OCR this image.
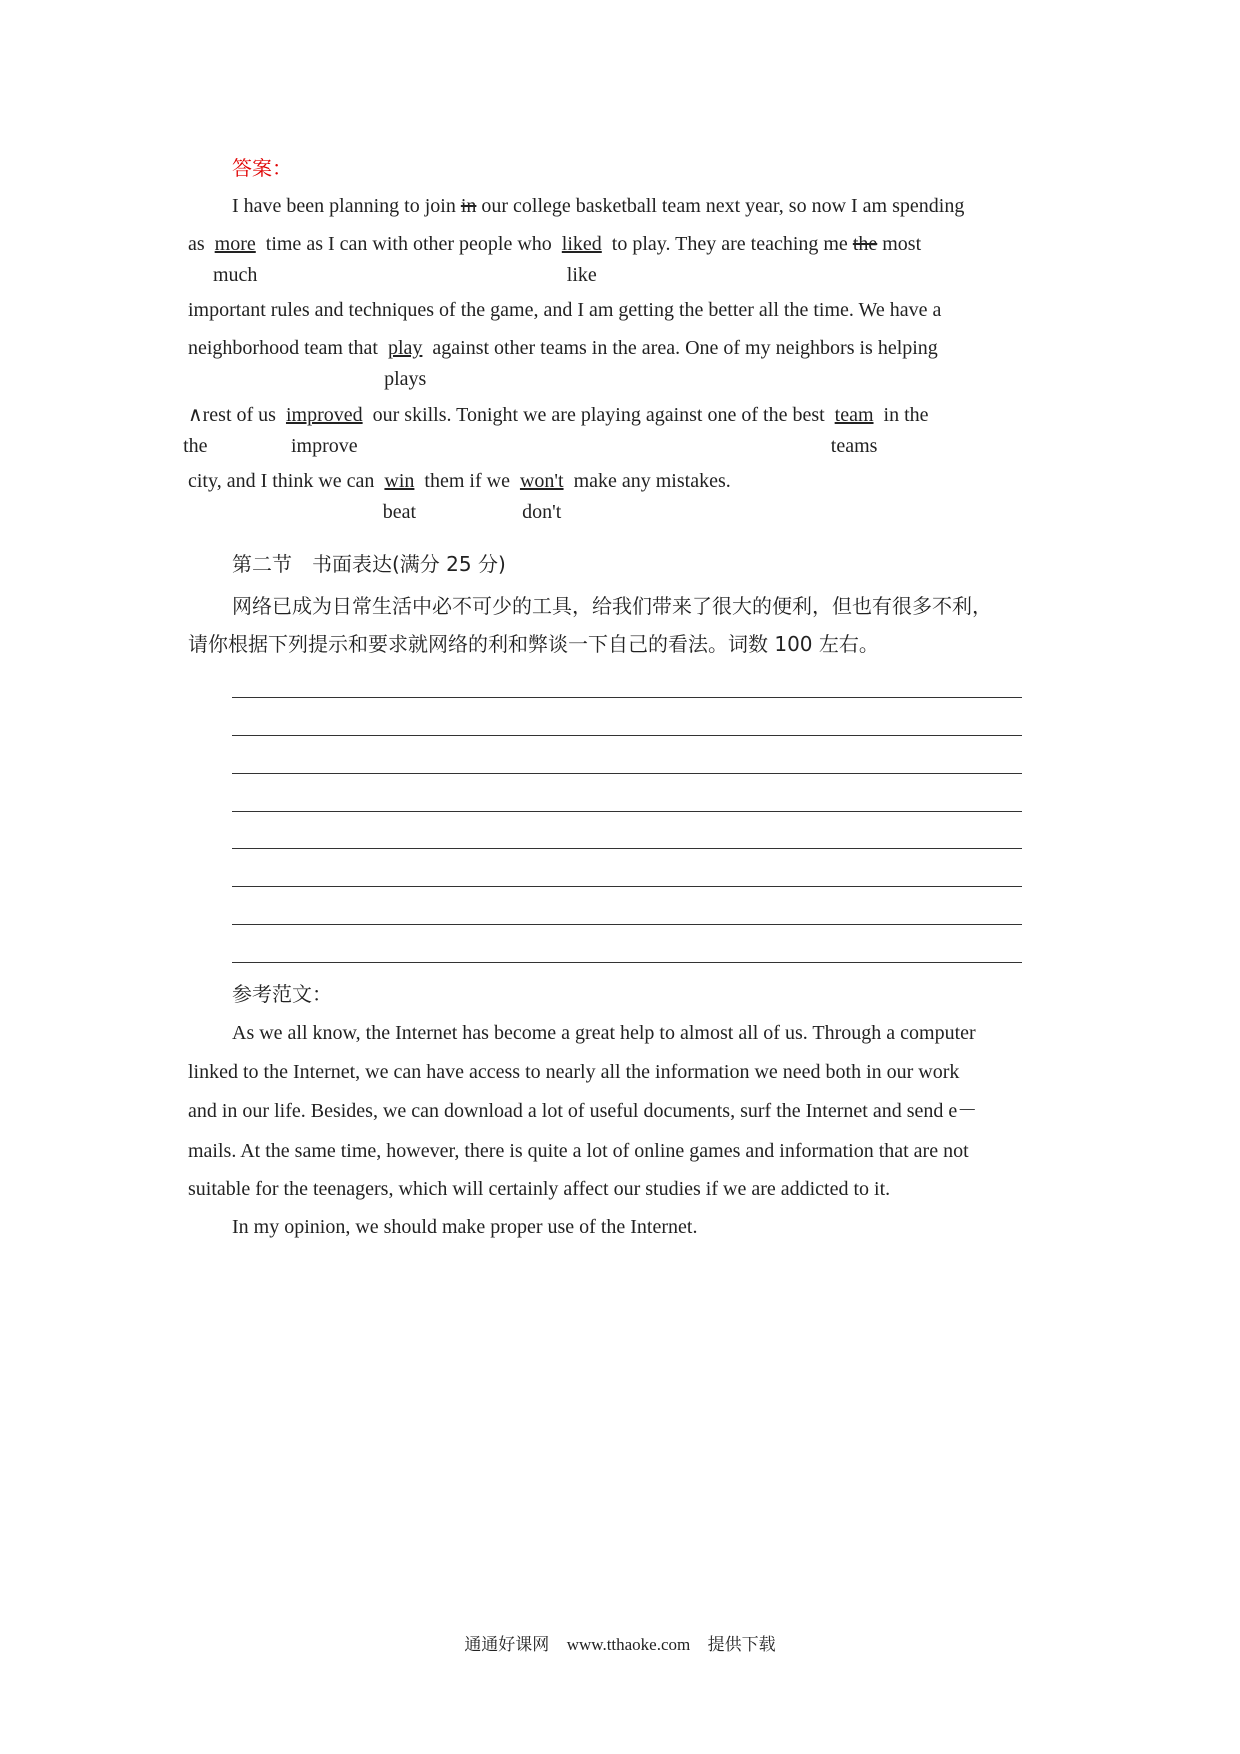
答案：
I have been planning to join in our college basketball team next year, so now I am spending
as more
much
time as I can with other people who liked
like
to play. They are teaching me the most
important rules and techniques of the game, and I am getting the better all the time. We have a
neighborhood team that play
plays
against other teams in the area. One of my neighbors is helping
∧
the
rest of us improved
improve
our skills. Tonight we are playing against one of the best team
teams
in the
city, and I think we can win
beat
them if we won't
don't
make any mistakes.
第二节　书面表达(满分 25 分)
网络已成为日常生活中必不可少的工具，给我们带来了很大的便利，但也有很多不利，
请你根据下列提示和要求就网络的利和弊谈一下自己的看法。词数 100 左右。
参考范文：
As we all know, the Internet has become a great help to almost all of us. Through a computer
linked to the Internet, we can have access to nearly all the information we need both in our work
and in our life. Besides, we can download a lot of useful documents, surf the Internet and send e－
mails. At the same time, however, there is quite a lot of online games and information that are not
suitable for the teenagers, which will certainly affect our studies if we are addicted to it.
In my opinion, we should make proper use of the Internet.
通通好课网 www.tthaoke.com 提供下载
